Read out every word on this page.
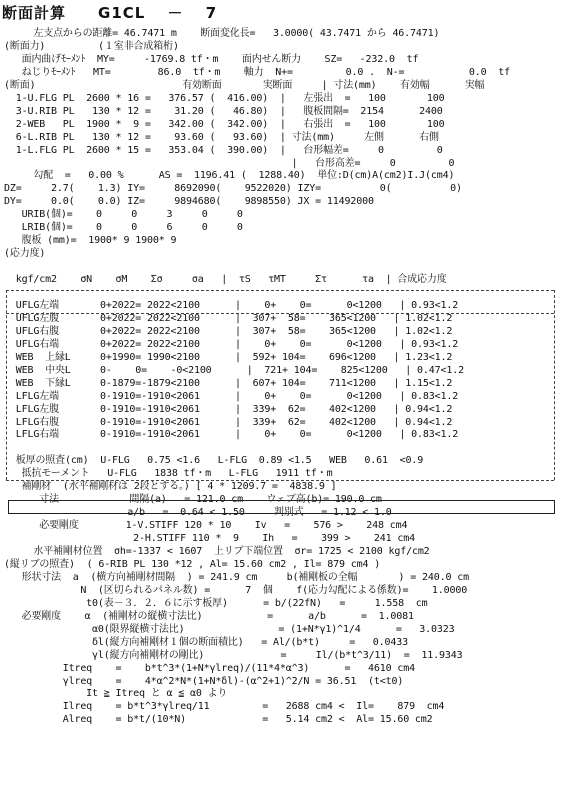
断面計算　　G1CL　 －　 7
左支点からの距離= 46.7471 m    断面変化長=   3.0000( 43.7471 から 46.7471)
(断面力)         (１室非合成箱桁)
面内曲げﾓｰﾒﾝﾄ  MY=     -1769.8 tf・m    面内せん断力    SZ=   -232.0  tf
ねじりﾓｰﾒﾝﾄ   MT=        86.0  tf・m    軸力  N+=         0.0 .  N-=           0.0  tf
(断面)                         有効断面       実断面     | 寸法(mm)    有効幅      実幅
1-U.FLG PL  2600 * 16 =   376.57 (  416.00)  |   左張出  =   100       100
3-U.RIB PL   130 * 12 =    31.20 (   46.80)  |   腹板間隔=  2154      2400
2-WEB   PL  1900 *  9 =   342.00 (  342.00)  |   右張出  =   100       100
6-L.RIB PL   130 * 12 =    93.60 (   93.60)  | 寸法(mm)     左側      右側
1-L.FLG PL  2600 * 15 =   353.04 (  390.00)  |   台形幅差=     0         0
|   台形高差=     0         0
勾配  =   0.00 %      AS =  1196.41 (  1288.40)  単位:D(cm)A(cm2)I.J(cm4)
DZ=     2.7(    1.3) IY=     8692090(    9522020) IZY=          0(          0)
DY=     0.0(    0.0) IZ=     9894680(    9898550) JX = 11492000
URIB(個)=    0     0     3     0     0
LRIB(個)=    0     0     6     0     0
腹板 (mm)=  1900* 9 1900* 9
(応力度)
kgf/cm2    σN    σM    Σσ     σa   |  τS   τMT     Στ      τa  | 合成応力度
UFLG左端       0+2022= 2022<2100      |    0+    0=      0<1200   | 0.93<1.2
UFLG左腹       0+2022= 2022<2100      |  307+  58=    365<1200   | 1.02<1.2
UFLG右腹       0+2022= 2022<2100      |  307+  58=    365<1200   | 1.02<1.2
UFLG右端       0+2022= 2022<2100      |    0+    0=      0<1200   | 0.93<1.2
WEB  上縁L     0+1990= 1990<2100      |  592+ 104=    696<1200   | 1.23<1.2
WEB  中央L     0-    0=    -0<2100      |  721+ 104=    825<1200   | 0.47<1.2
WEB  下縁L     0-1879=-1879<2100      |  607+ 104=    711<1200   | 1.15<1.2
LFLG左端       0-1910=-1910<2061      |    0+    0=      0<1200   | 0.83<1.2
LFLG左腹       0-1910=-1910<2061      |  339+  62=    402<1200   | 0.94<1.2
LFLG右腹       0-1910=-1910<2061      |  339+  62=    402<1200   | 0.94<1.2
LFLG右端       0-1910=-1910<2061      |    0+    0=      0<1200   | 0.83<1.2
板厚の照査(cm)  U-FLG   0.75 <1.6   L-FLG  0.89 <1.5   WEB   0.61  <0.9
抵抗モーメント   U-FLG   1838 tf・m   L-FLG   1911 tf・m
補剛材  (水平補剛材は 2段とする。) [ 4 * 1209.7 =  4838.9 ]
寸法            間隔(a)   = 121.0 cm    ウェブ高(b)= 190.0 cm
a/b   =  0.64 < 1.50     判別式   = 1.12 < 1.0
必要剛度        1-V.STIFF 120 * 10    Iv   =    576 >    248 cm4
2-H.STIFF 110 *  9    Ih   =    399 >    241 cm4
水平補剛材位置  σh=-1337 < 1607  上リブ下端位置  σr= 1725 < 2100 kgf/cm2
(縦リブの照査)  ( 6-RIB PL 130 *12 , Al= 15.60 cm2 , Il= 879 cm4 )
形状寸法  a  (横方向補剛材間隔  ) = 241.9 cm     b(補剛板の全幅       ) = 240.0 cm
N  (区切られるパネル数) =      7  個    f(応力勾配による係数)=    1.0000
t0(表－３．２．６に示す板厚)      = b/(22fN)   =     1.558  cm
必要剛度    α  (補剛材の縦横寸法比)           =      a/b      =  1.0081
α0(限界縦横寸法比)                = (1+N*γ1)^1/4      =   3.0323
δl(縦方向補剛材１個の断面積比)   = Al/(b*t)     =   0.0433
γl(縦方向補剛材の剛比)             =     Il/(b*t^3/11)  =  11.9343
Itreq    =    b*t^3*(1+N*γlreq)/(11*4*α^3)      =   4610 cm4
γlreq    =    4*α^2*N*(1+N*δl)-(α^2+1)^2/N = 36.51  (t<t0)
It ≧ Itreq と α ≦ α0 より
Ilreq    = b*t^3*γlreq/11         =   2688 cm4 <  Il=    879  cm4
Alreq    = b*t/(10*N)             =   5.14 cm2 <  Al= 15.60 cm2
